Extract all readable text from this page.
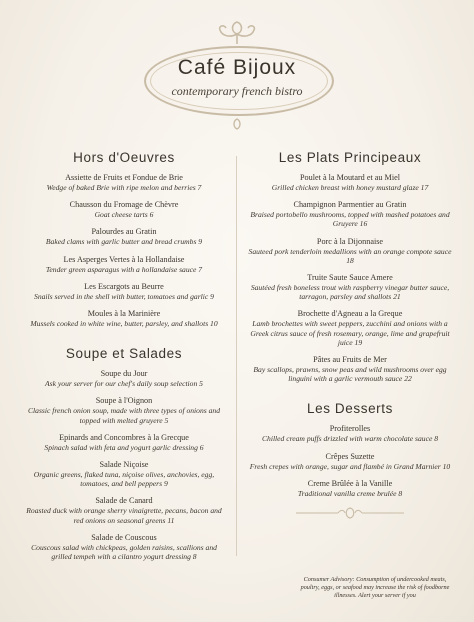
Café Bijoux
contemporary french bistro
Hors d'Oeuvres
Assiette de Fruits et Fondue de Brie
Wedge of baked Brie with ripe melon and berries 7
Chausson du Fromage de Chèvre
Goat cheese tarts 6
Palourdes au Gratin
Baked clams with garlic butter and bread crumbs 9
Les Asperges Vertes à la Hollandaise
Tender green asparagus with a hollandaise sauce 7
Les Escargots au Beurre
Snails served in the shell with butter, tomatoes and garlic 9
Moules à la Marinière
Mussels cooked in white wine, butter, parsley, and shallots 10
Soupe et Salades
Soupe du Jour
Ask your server for our chef's daily soup selection 5
Soupe à l'Oignon
Classic french onion soup, made with three types of onions and topped with melted gruyere 5
Epinards and Concombres à la Grecque
Spinach salad with feta and yogurt garlic dressing 6
Salade Niçoise
Organic greens, flaked tuna, niçoise olives, anchovies, egg, tomatoes, and bell peppers 9
Salade de Canard
Roasted duck with orange sherry vinaigrette, pecans, bacon and red onions on seasonal greens 11
Salade de Couscous
Couscous salad with chickpeas, golden raisins, scallions and grilled tempeh with a cilantro yogurt dressing 8
Les Plats Principeaux
Poulet à la Moutard et au Miel
Grilled chicken breast with honey mustard glaze 17
Champignon Parmentier au Gratin
Braised portobello mushrooms, topped with mashed potatoes and Gruyere 16
Porc à la Dijonnaise
Sauteed pork tenderloin medallions with an orange compote sauce 18
Truite Saute Sauce Amere
Sautéed fresh boneless trout with raspberry vinegar butter sauce, tarragon, parsley and shallots 21
Brochette d'Agneau a la Greque
Lamb brochettes with sweet peppers, zucchini and onions with a Greek citrus sauce of fresh rosemary, orange, lime and grapefruit juice 19
Pâtes au Fruits de Mer
Bay scallops, prawns, snow peas and wild mushrooms over egg linguini with a garlic vermouth sauce 22
Les Desserts
Profiterolles
Chilled cream puffs drizzled with warm chocolate sauce 8
Crêpes Suzette
Fresh crepes with orange, sugar and flambé in Grand Marnier 10
Creme Brûlée à la Vanille
Traditional vanilla creme brulée 8
Consumer Advisory: Consumption of undercooked meats, poultry, eggs, or seafood may increase the risk of foodborne illnesses. Alert your server if you
